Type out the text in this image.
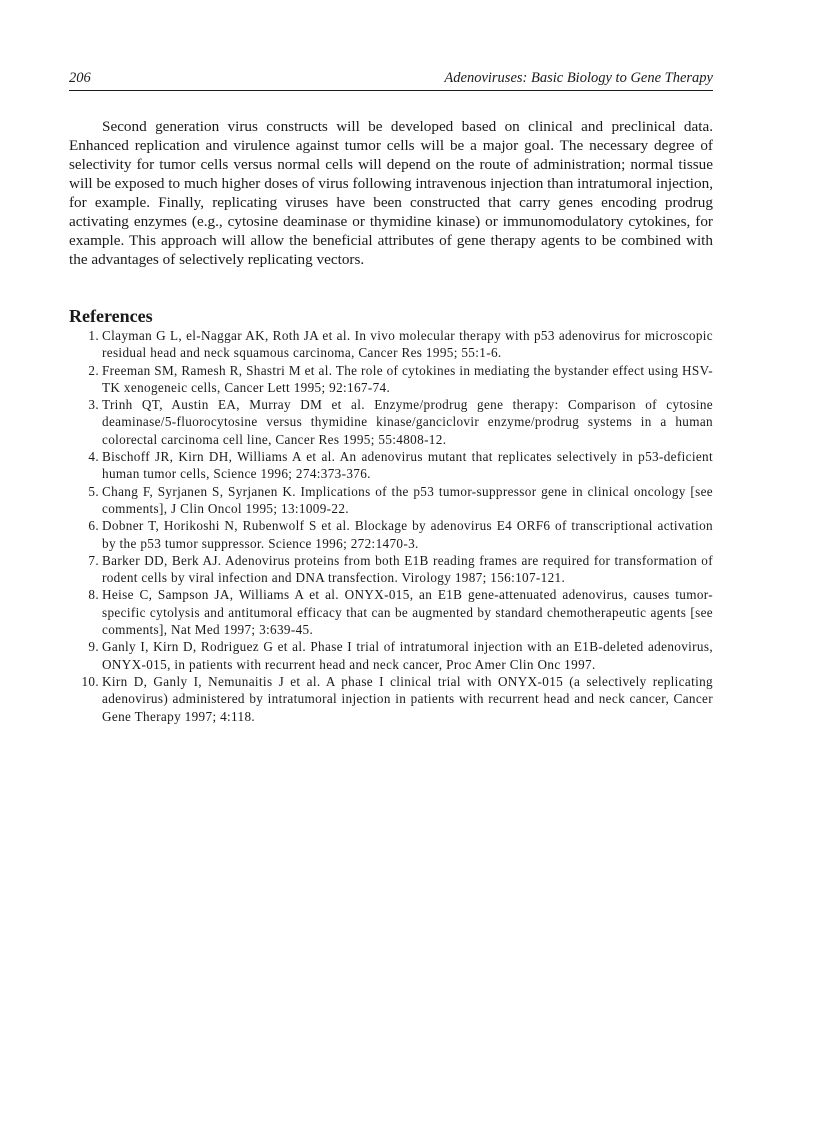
206	Adenoviruses: Basic Biology to Gene Therapy

Second generation virus constructs will be developed based on clinical and preclinical data. Enhanced replication and virulence against tumor cells will be a major goal. The necessary degree of selectivity for tumor cells versus normal cells will depend on the route of administration; normal tissue will be exposed to much higher doses of virus following intravenous injection than intratumoral injection, for example. Finally, replicating viruses have been constructed that carry genes encoding prodrug activating enzymes (e.g., cytosine deaminase or thymidine kinase) or immunomodulatory cytokines, for example. This approach will allow the beneficial attributes of gene therapy agents to be combined with the advantages of selectively replicating vectors.

References
1. Clayman G L, el-Naggar AK, Roth JA et al. In vivo molecular therapy with p53 adenovirus for microscopic residual head and neck squamous carcinoma, Cancer Res 1995; 55:1-6.
2. Freeman SM, Ramesh R, Shastri M et al. The role of cytokines in mediating the bystander effect using HSV-TK xenogeneic cells, Cancer Lett 1995; 92:167-74.
3. Trinh QT, Austin EA, Murray DM et al. Enzyme/prodrug gene therapy: Comparison of cytosine deaminase/5-fluorocytosine versus thymidine kinase/ganciclovir enzyme/prodrug systems in a human colorectal carcinoma cell line, Cancer Res 1995; 55:4808-12.
4. Bischoff JR, Kirn DH, Williams A et al. An adenovirus mutant that replicates selectively in p53-deficient human tumor cells, Science 1996; 274:373-376.
5. Chang F, Syrjanen S, Syrjanen K. Implications of the p53 tumor-suppressor gene in clinical oncology [see comments], J Clin Oncol 1995; 13:1009-22.
6. Dobner T, Horikoshi N, Rubenwolf S et al. Blockage by adenovirus E4 ORF6 of transcriptional activation by the p53 tumor suppressor. Science 1996; 272:1470-3.
7. Barker DD, Berk AJ. Adenovirus proteins from both E1B reading frames are required for transformation of rodent cells by viral infection and DNA transfection. Virology 1987; 156:107-121.
8. Heise C, Sampson JA, Williams A et al. ONYX-015, an E1B gene-attenuated adenovirus, causes tumor-specific cytolysis and antitumoral efficacy that can be augmented by standard chemotherapeutic agents [see comments], Nat Med 1997; 3:639-45.
9. Ganly I, Kirn D, Rodriguez G et al. Phase I trial of intratumoral injection with an E1B-deleted adenovirus, ONYX-015, in patients with recurrent head and neck cancer, Proc Amer Clin Onc 1997.
10. Kirn D, Ganly I, Nemunaitis J et al. A phase I clinical trial with ONYX-015 (a selectively replicating adenovirus) administered by intratumoral injection in patients with recurrent head and neck cancer, Cancer Gene Therapy 1997; 4:118.
